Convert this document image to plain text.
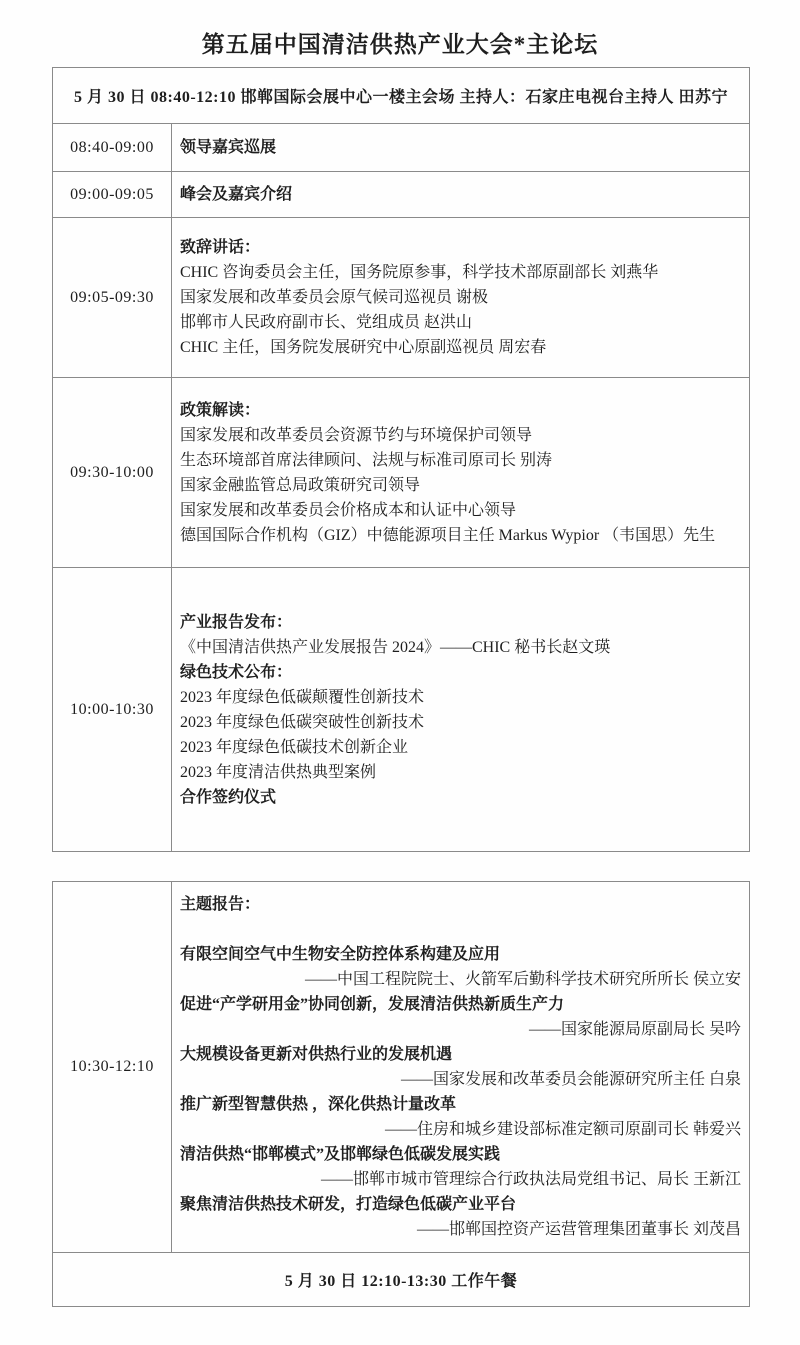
第五届中国清洁供热产业大会*主论坛
5 月 30 日 08:40-12:10 邯郸国际会展中心一楼主会场 主持人：石家庄电视台主持人 田苏宁	
08:40-09:00	领导嘉宾巡展

09:00-09:05	峰会及嘉宾介绍

09:05-09:30	致辞讲话：
CHIC 咨询委员会主任，国务院原参事，科学技术部原副部长 刘燕华
国家发展和改革委员会原气候司巡视员 谢极
邯郸市人民政府副市长、党组成员 赵洪山
CHIC 主任，国务院发展研究中心原副巡视员 周宏春

09:30-10:00	
政策解读：
国家发展和改革委员会资源节约与环境保护司领导
生态环境部首席法律顾问、法规与标准司原司长 别涛
国家金融监管总局政策研究司领导
国家发展和改革委员会价格成本和认证中心领导
德国国际合作机构（GIZ）中德能源项目主任 Markus Wypior （韦国思）先生

10:00-10:30	
产业报告发布：
《中国清洁供热产业发展报告 2024》——CHIC 秘书长赵文瑛
绿色技术公布：
2023 年度绿色低碳颠覆性创新技术
2023 年度绿色低碳突破性创新技术
2023 年度绿色低碳技术创新企业
2023 年度清洁供热典型案例
合作签约仪式
10:30-12:10	
主题报告：
有限空间空气中生物安全防控体系构建及应用
——中国工程院院士、火箭军后勤科学技术研究所所长 侯立安
促进“产学研用金”协同创新，发展清洁供热新质生产力
——国家能源局原副局长 吴吟
大规模设备更新对供热行业的发展机遇
——国家发展和改革委员会能源研究所主任 白泉
推广新型智慧供热 ，深化供热计量改革
——住房和城乡建设部标准定额司原副司长 韩爱兴
清洁供热“邯郸模式”及邯郸绿色低碳发展实践
——邯郸市城市管理综合行政执法局党组书记、局长 王新江
聚焦清洁供热技术研发，打造绿色低碳产业平台
——邯郸国控资产运营管理集团董事长 刘茂昌

5 月 30 日 12:10-13:30 工作午餐
